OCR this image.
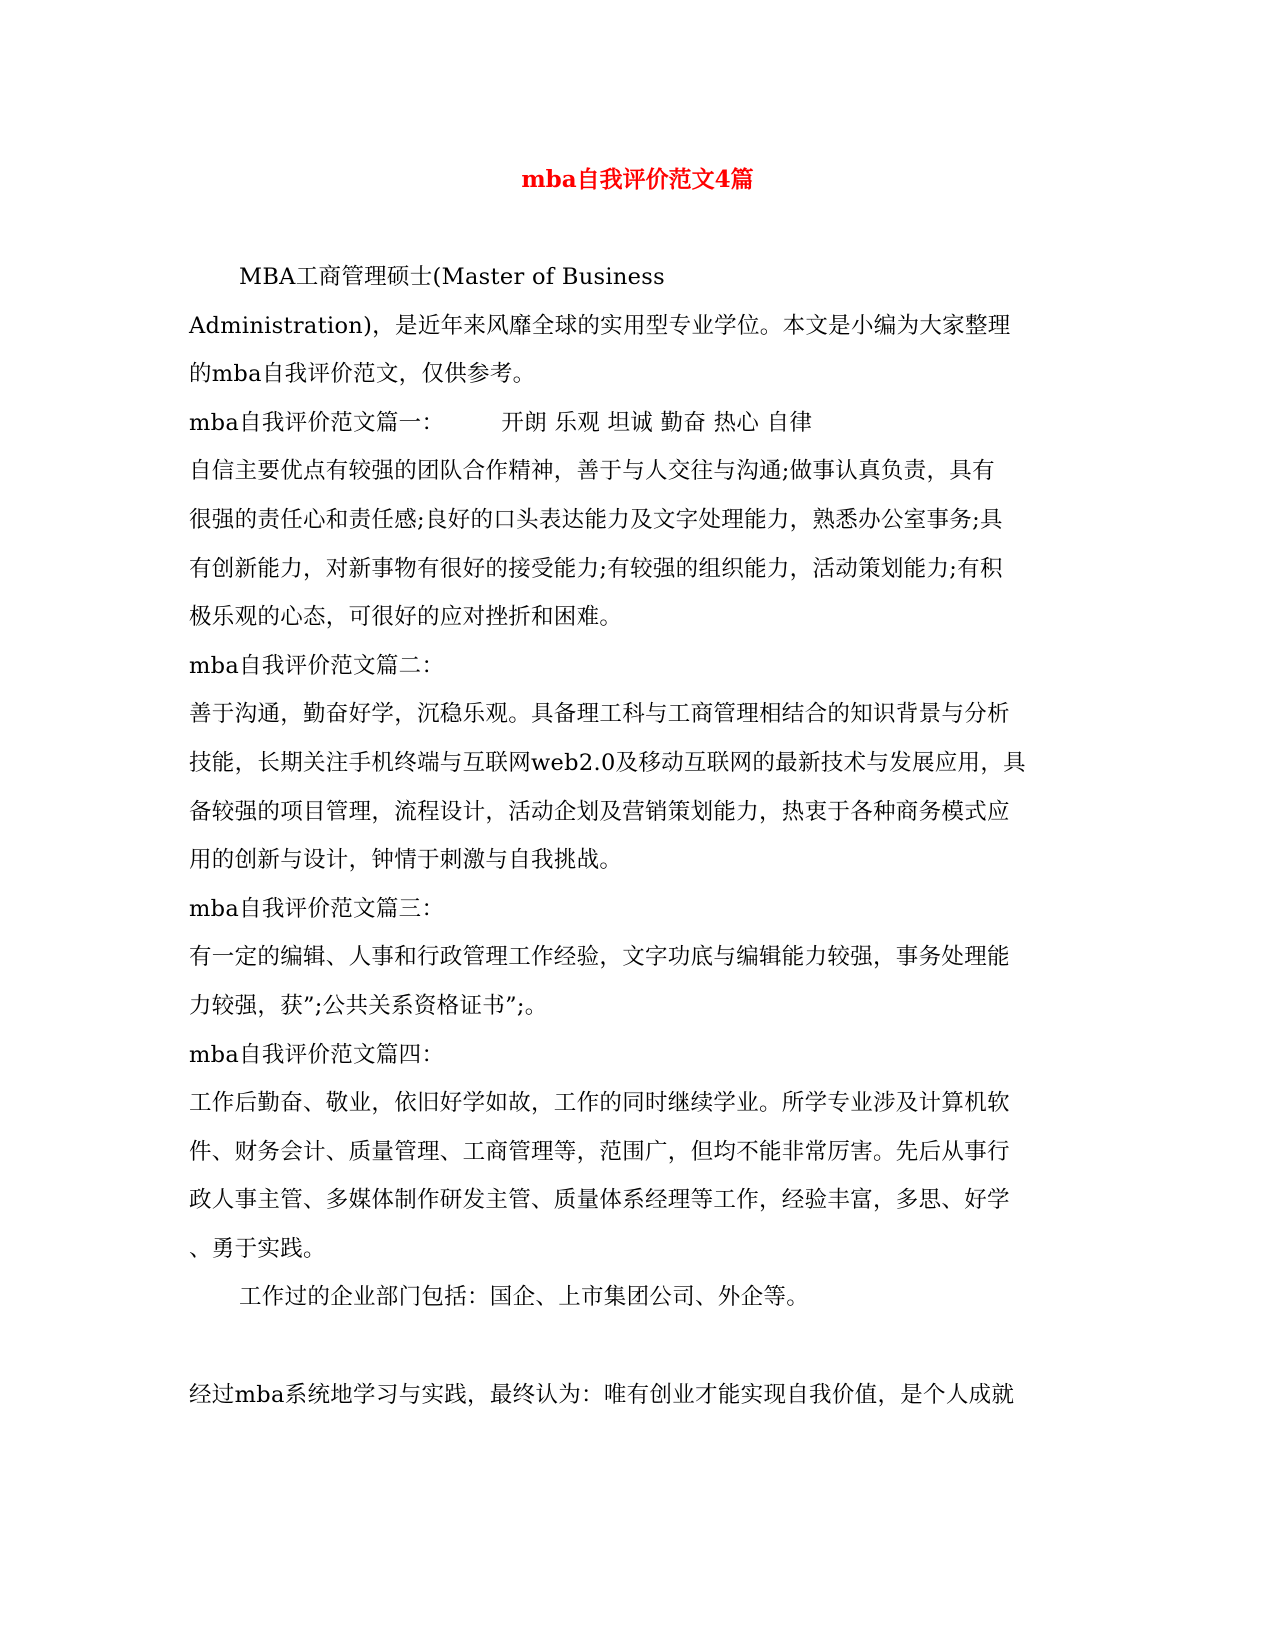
mba自我评价范文4篇
MBA工商管理硕士(Master of Business
Administration)，是近年来风靡全球的实用型专业学位。本文是小编为大家整理
的mba自我评价范文，仅供参考。
mba自我评价范文篇一：　　　开朗 乐观 坦诚 勤奋 热心 自律
自信主要优点有较强的团队合作精神，善于与人交往与沟通;做事认真负责，具有
很强的责任心和责任感;良好的口头表达能力及文字处理能力，熟悉办公室事务;具
有创新能力，对新事物有很好的接受能力;有较强的组织能力，活动策划能力;有积
极乐观的心态，可很好的应对挫折和困难。
mba自我评价范文篇二：
善于沟通，勤奋好学，沉稳乐观。具备理工科与工商管理相结合的知识背景与分析
技能，长期关注手机终端与互联网web2.0及移动互联网的最新技术与发展应用，具
备较强的项目管理，流程设计，活动企划及营销策划能力，热衷于各种商务模式应
用的创新与设计，钟情于刺激与自我挑战。
mba自我评价范文篇三：
有一定的编辑、人事和行政管理工作经验，文字功底与编辑能力较强，事务处理能
力较强，获”;公共关系资格证书”;。
mba自我评价范文篇四：
工作后勤奋、敬业，依旧好学如故，工作的同时继续学业。所学专业涉及计算机软
件、财务会计、质量管理、工商管理等，范围广，但均不能非常厉害。先后从事行
政人事主管、多媒体制作研发主管、质量体系经理等工作，经验丰富，多思、好学
、勇于实践。
工作过的企业部门包括：国企、上市集团公司、外企等。
经过mba系统地学习与实践，最终认为：唯有创业才能实现自我价值，是个人成就
